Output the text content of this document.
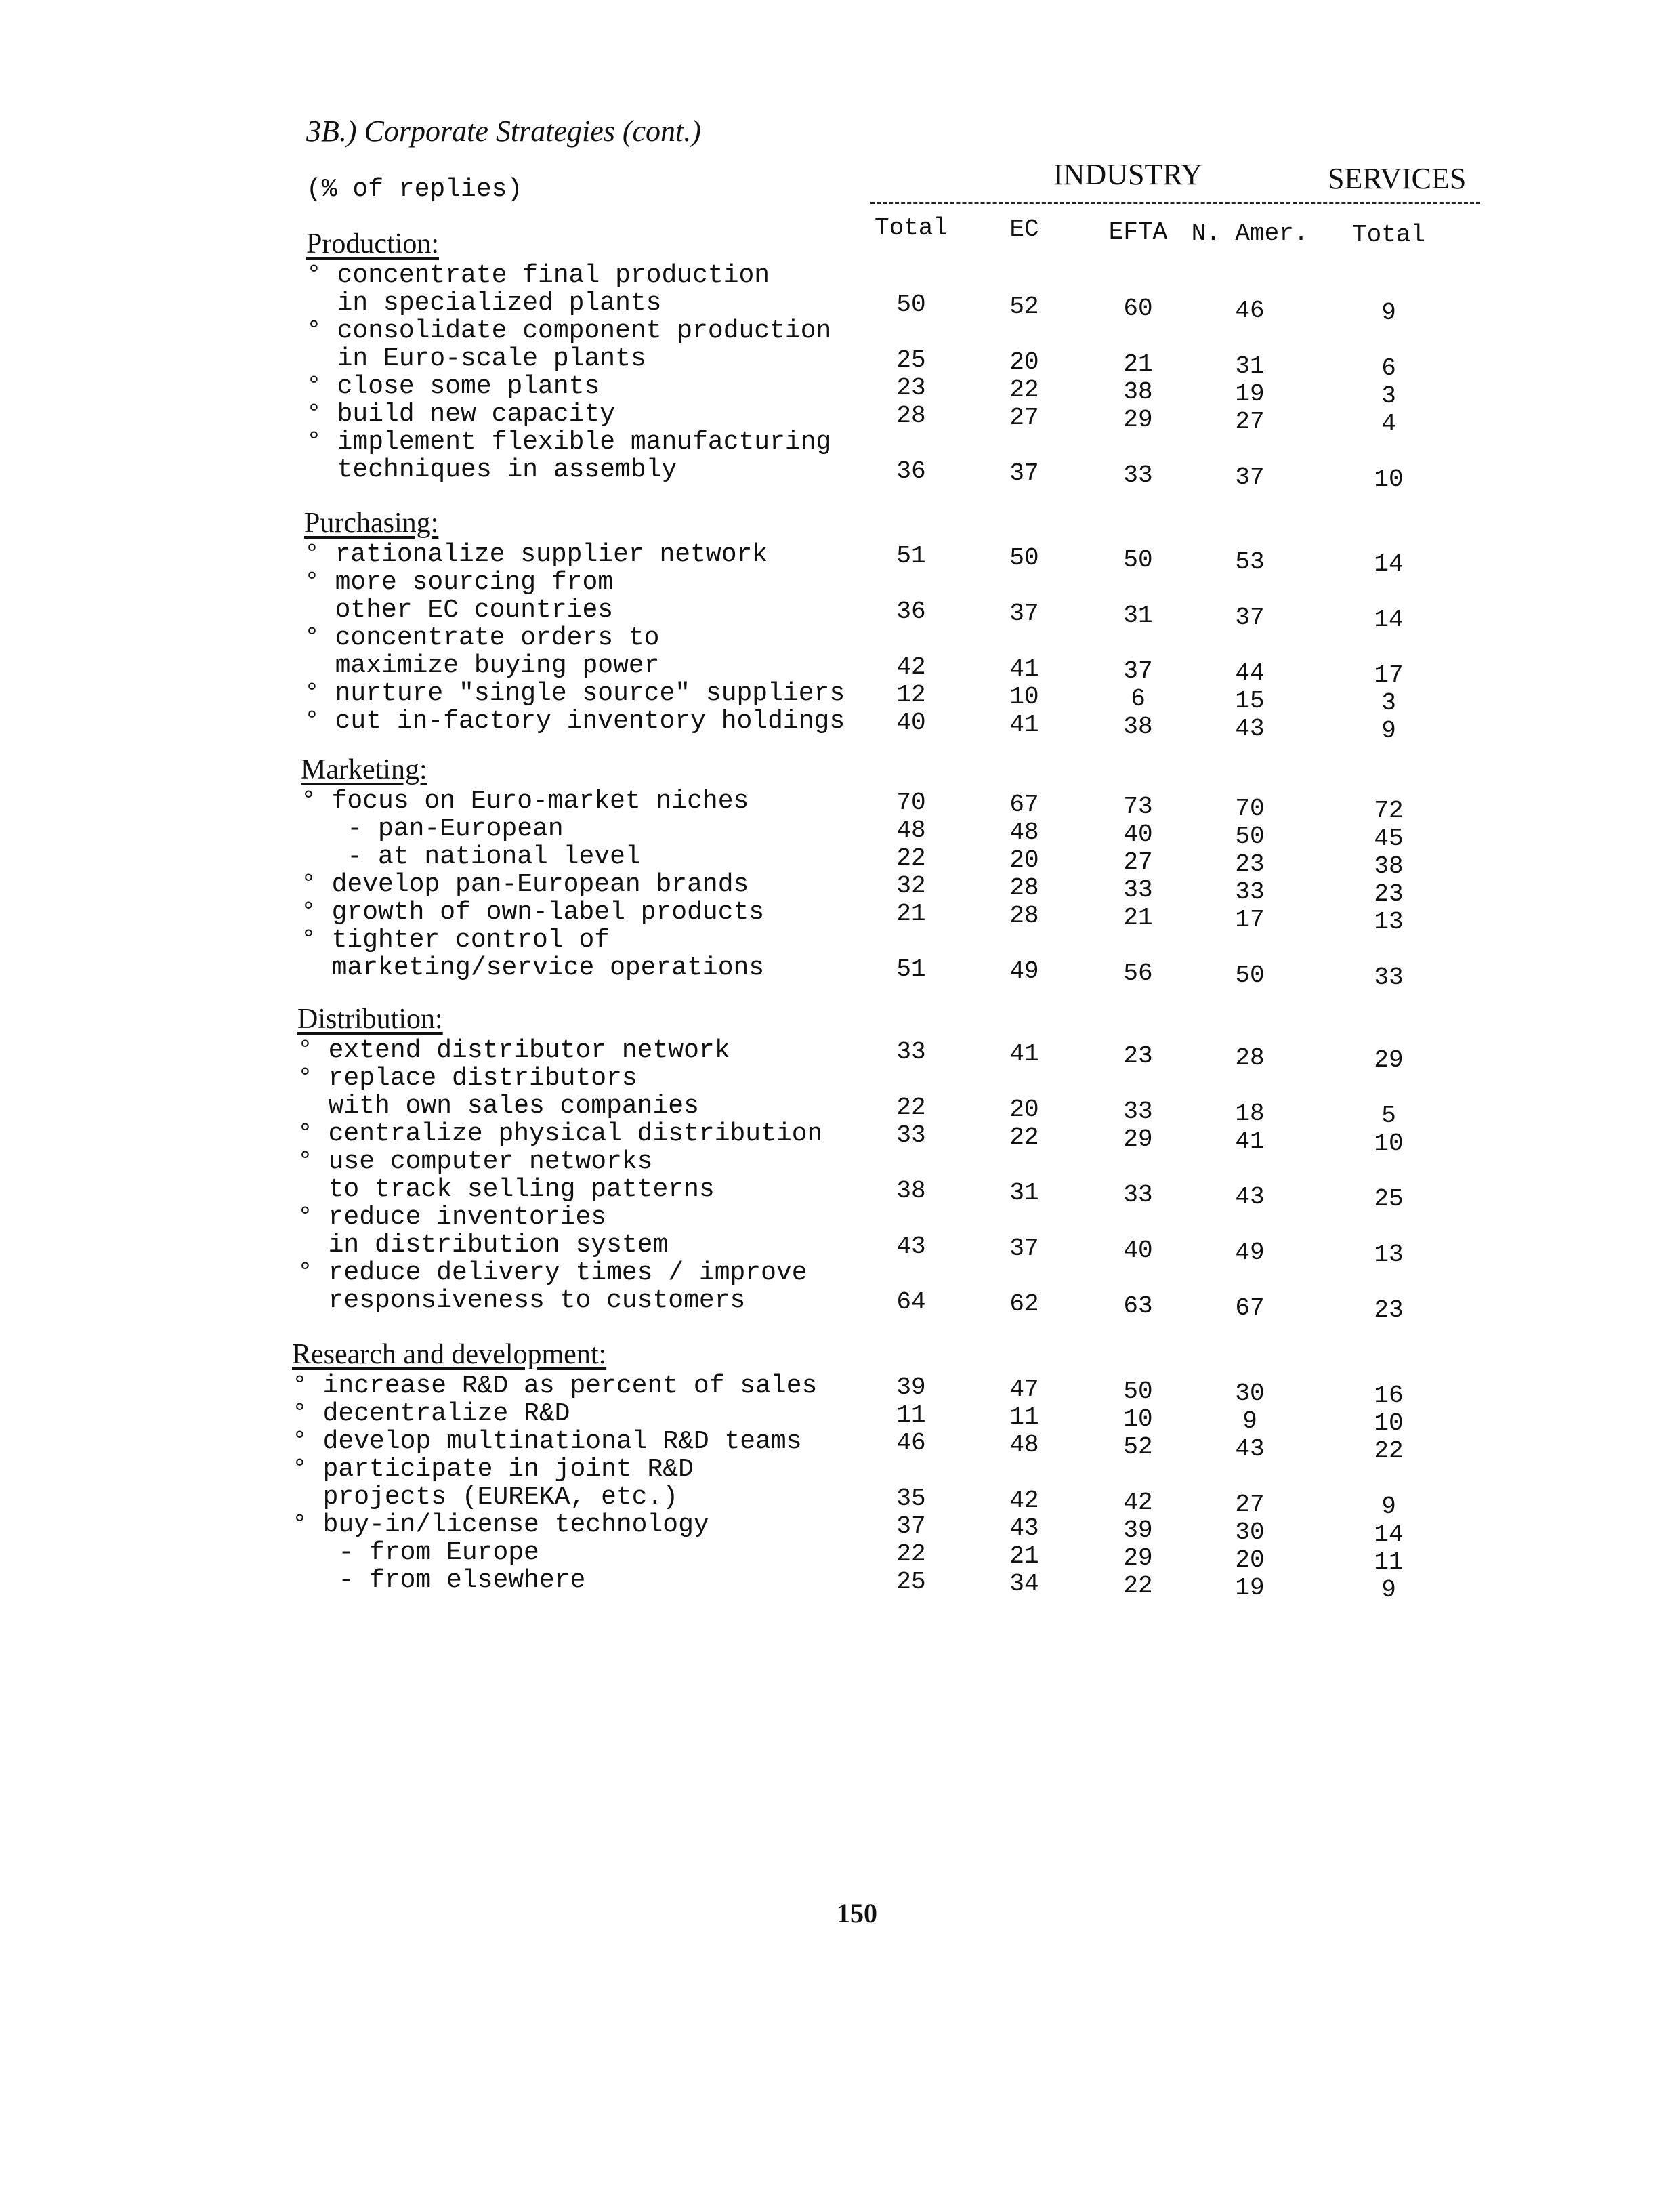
3B.) Corporate Strategies (cont.)
(% of replies)	INDUSTRY	SERVICES
Total	EC	EFTA N. Amer.	Total
Production:
° concentrate final production
in specialized plants	50	52	60	46	9
° consolidate component production
in Euro-scale plants	25	20	21	31	6
° close some plants	23	22	38	19	3
° build new capacity	28	27	29	27	4
° implement flexible manufacturing
techniques in assembly	36	37	33	37	10
Purchasing:
° rationalize supplier network	51	50	50	53	14
° more sourcing from
other EC countries	36	37	31	37	14
° concentrate orders to
maximize buying power	42	41	37	44	17
° nurture "single source" suppliers	12	10	6	15	3
° cut in-factory inventory holdings	40	41	38	43	9
Marketing:
° focus on Euro-market niches	70	67	73	70	72
- pan-European	48	48	40	50	45
- at national level	22	20	27	23	38
° develop pan-European brands	32	28	33	33	23
° growth of own-label products	21	28	21	17	13
° tighter control of
marketing/service operations	51	49	56	50	33
Distribution:
° extend distributor network	33	41	23	28	29
° replace distributors
with own sales companies	22	20	33	18	5
° centralize physical distribution	33	22	29	41	10
° use computer networks
to track selling patterns	38	31	33	43	25
° reduce inventories
in distribution system	43	37	40	49	13
° reduce delivery times / improve
responsiveness to customers	64	62	63	67	23
Research and development:
° increase R&D as percent of sales	39	47	50	30	16
° decentralize R&D	11	11	10	9	10
° develop multinational R&D teams	46	48	52	43	22
° participate in joint R&D
projects (EUREKA, etc.)	35	42	42	27	9
° buy-in/license technology	37	43	39	30	14
- from Europe	22	21	29	20	11
- from elsewhere	25	34	22	19	9
150
